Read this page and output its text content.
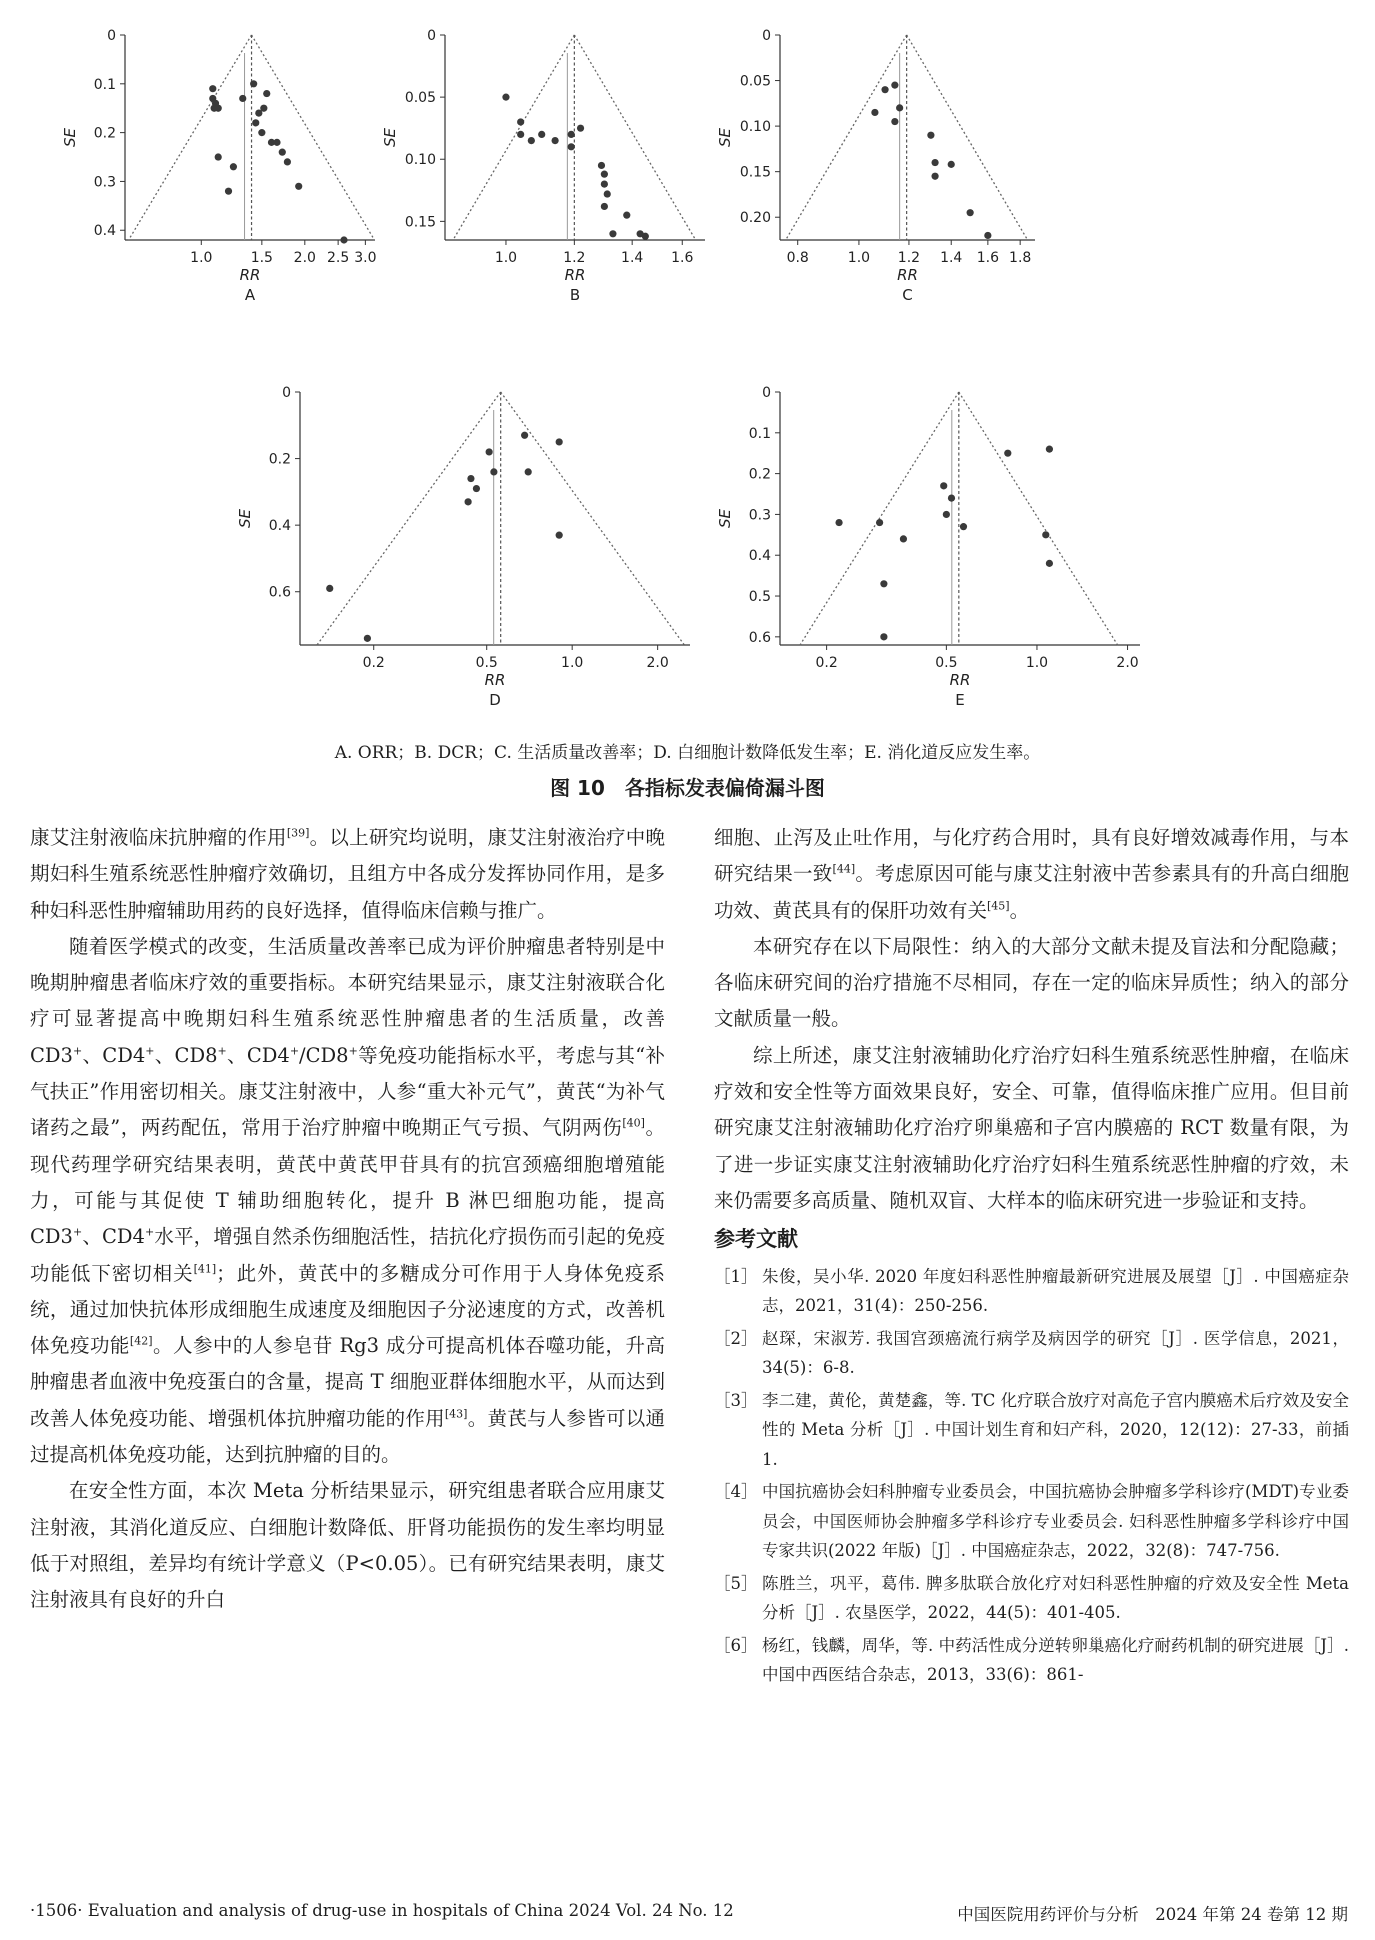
0
0.1
0.2
0.3
0.4
1.0	1.5 2.0 2.5 3.0
SE
RR
A
0
0.05
0.10
0.15
1.0	1.2	1.4 1.6
SE
RR
B
0
0.05
0.10
0.15
0.20
0.8	1.0 1.2 1.4 1.6 1.8
SE
RR
C
0
0.2
0.4
0.6
0.2	0.5	1.0	2.0
SE
RR
D
0
0.1
0.2
0.3
0.4
0.5
0.6
0.2	0.5	1.0	2.0
SE
RR
E
A. ORR；B. DCR；C. 生活质量改善率；D. 白细胞计数降低发生率；E. 消化道反应发生率。
图 10　各指标发表偏倚漏斗图

康艾注射液临床抗肿瘤的作用[39]。以上研究均说明，康艾注射液治疗中晚期妇科生殖系统恶性肿瘤疗效确切，且组方中各成分发挥协同作用，是多种妇科恶性肿瘤辅助用药的良好选择，值得临床信赖与推广。

随着医学模式的改变，生活质量改善率已成为评价肿瘤患者特别是中晚期肿瘤患者临床疗效的重要指标。本研究结果显示，康艾注射液联合化疗可显著提高中晚期妇科生殖系统恶性肿瘤患者的生活质量，改善 CD3+、CD4+、CD8+、CD4+/CD8+等免疫功能指标水平，考虑与其“补气扶正”作用密切相关。康艾注射液中，人参“重大补元气”，黄芪“为补气诸药之最”，两药配伍，常用于治疗肿瘤中晚期正气亏损、气阴两伤[40]。现代药理学研究结果表明，黄芪中黄芪甲苷具有的抗宫颈癌细胞增殖能力，可能与其促使 T 辅助细胞转化，提升 B 淋巴细胞功能，提高 CD3+、CD4+水平，增强自然杀伤细胞活性，拮抗化疗损伤而引起的免疫功能低下密切相关[41]；此外，黄芪中的多糖成分可作用于人身体免疫系统，通过加快抗体形成细胞生成速度及细胞因子分泌速度的方式，改善机体免疫功能[42]。人参中的人参皂苷 Rg3 成分可提高机体吞噬功能，升高肿瘤患者血液中免疫蛋白的含量，提高 T 细胞亚群体细胞水平，从而达到改善人体免疫功能、增强机体抗肿瘤功能的作用[43]。黄芪与人参皆可以通过提高机体免疫功能，达到抗肿瘤的目的。

在安全性方面，本次 Meta 分析结果显示，研究组患者联合应用康艾注射液，其消化道反应、白细胞计数降低、肝肾功能损伤的发生率均明显低于对照组，差异均有统计学意义（P<0.05）。已有研究结果表明，康艾注射液具有良好的升白

细胞、止泻及止吐作用，与化疗药合用时，具有良好增效减毒作用，与本研究结果一致[44]。考虑原因可能与康艾注射液中苦参素具有的升高白细胞功效、黄芪具有的保肝功效有关[45]。

本研究存在以下局限性：纳入的大部分文献未提及盲法和分配隐藏；各临床研究间的治疗措施不尽相同，存在一定的临床异质性；纳入的部分文献质量一般。

综上所述，康艾注射液辅助化疗治疗妇科生殖系统恶性肿瘤，在临床疗效和安全性等方面效果良好，安全、可靠，值得临床推广应用。但目前研究康艾注射液辅助化疗治疗卵巢癌和子宫内膜癌的 RCT 数量有限，为了进一步证实康艾注射液辅助化疗治疗妇科生殖系统恶性肿瘤的疗效，未来仍需要多高质量、随机双盲、大样本的临床研究进一步验证和支持。

参考文献
［1］ 朱俊，吴小华. 2020 年度妇科恶性肿瘤最新研究进展及展望［J］. 中国癌症杂志，2021，31(4)：250-256.
［2］ 赵琛，宋淑芳. 我国宫颈癌流行病学及病因学的研究［J］. 医学信息，2021，34(5)：6-8.
［3］ 李二建，黄伦，黄楚鑫，等. TC 化疗联合放疗对高危子宫内膜癌术后疗效及安全性的 Meta 分析［J］. 中国计划生育和妇产科，2020，12(12)：27-33，前插 1.
［4］ 中国抗癌协会妇科肿瘤专业委员会，中国抗癌协会肿瘤多学科诊疗(MDT)专业委员会，中国医师协会肿瘤多学科诊疗专业委员会. 妇科恶性肿瘤多学科诊疗中国专家共识(2022 年版)［J］. 中国癌症杂志，2022，32(8)：747-756.
［5］ 陈胜兰，巩平，葛伟. 脾多肽联合放化疗对妇科恶性肿瘤的疗效及安全性 Meta 分析［J］. 农垦医学，2022，44(5)：401-405.
［6］ 杨红，钱麟，周华，等. 中药活性成分逆转卵巢癌化疗耐药机制的研究进展［J］. 中国中西医结合杂志，2013，33(6)：861-
·1506· Evaluation and analysis of drug-use in hospitals of China 2024 Vol. 24 No. 12	中国医院用药评价与分析　2024 年第 24 卷第 12 期
